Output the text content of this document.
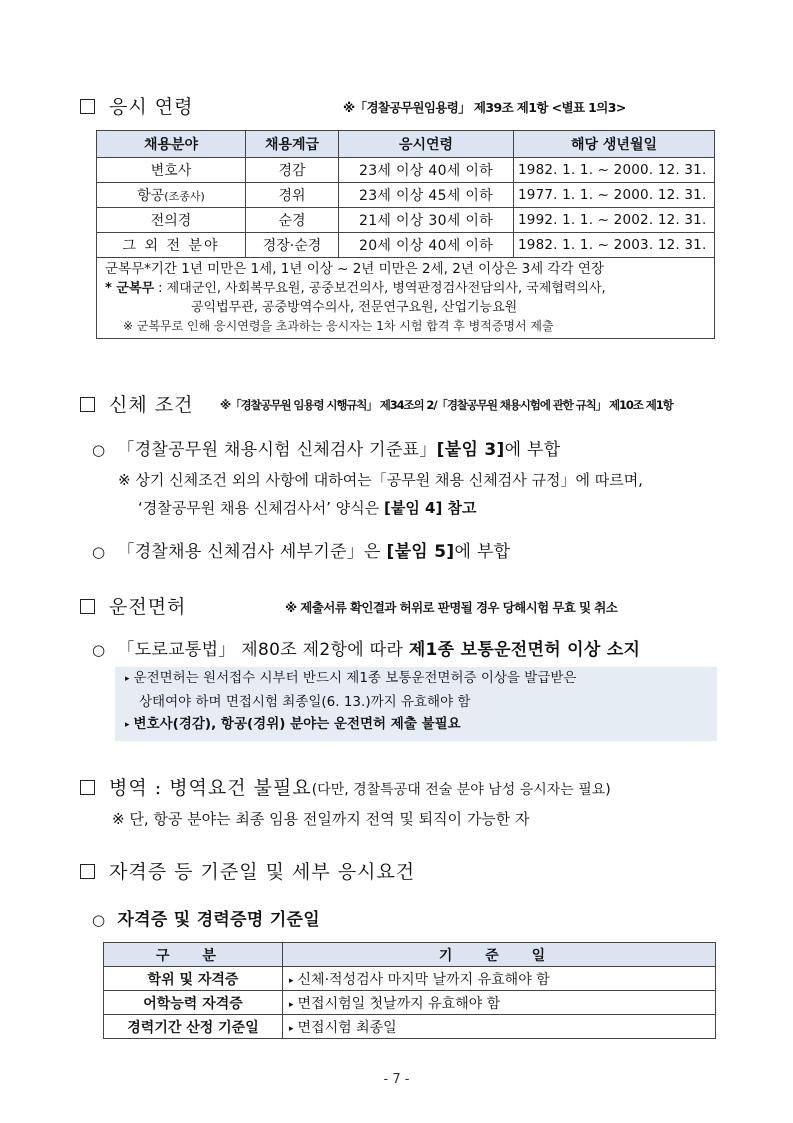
응시 연령	※「경찰공무원임용령」 제39조 제1항 <별표 1의3>
채용분야	채용계급	응시연령	해당 생년월일
변호사	경감	23세 이상 40세 이하	1982. 1. 1. ~ 2000. 12. 31.
항공(조종사)	경위	23세 이상 45세 이하	1977. 1. 1. ~ 2000. 12. 31.
전의경	순경	21세 이상 30세 이하	1992. 1. 1. ~ 2002. 12. 31.
그 외 전 분야	경장·순경	20세 이상 40세 이하	1982. 1. 1. ~ 2003. 12. 31.

군복무*기간 1년 미만은 1세, 1년 이상 ~ 2년 미만은 2세, 2년 이상은 3세 각각 연장
* 군복무 : 제대군인, 사회복무요원, 공중보건의사, 병역판정검사전담의사, 국제협력의사,
공익법무관, 공중방역수의사, 전문연구요원, 산업기능요원
※ 군복무로 인해 응시연령을 초과하는 응시자는 1차 시험 합격 후 병적증명서 제출			
신체 조건 ※「경찰공무원 임용령 시행규칙」 제34조의 2/「경찰공무원 채용시험에 관한 규칙」 제10조 제1항
○ 「경찰공무원 채용시험 신체검사 기준표」[붙임 3]에 부합
※ 상기 신체조건 외의 사항에 대하여는「공무원 채용 신체검사 규정」에 따르며,
‘경찰공무원 채용 신체검사서’ 양식은 [붙임 4] 참고
○ 「경찰채용 신체검사 세부기준」은 [붙임 5]에 부합
운전면허	※ 제출서류 확인결과 허위로 판명될 경우 당해시험 무효 및 취소
○ 「도로교통법」 제80조 제2항에 따라 제1종 보통운전면허 이상 소지
▸ 운전면허는 원서접수 시부터 반드시 제1종 보통운전면허증 이상을 발급받은
상태여야 하며 면접시험 최종일(6. 13.)까지 유효해야 함
▸ 변호사(경감), 항공(경위) 분야는 운전면허 제출 불필요
병역 : 병역요건 불필요(다만, 경찰특공대 전술 분야 남성 응시자는 필요)
※ 단, 항공 분야는 최종 임용 전일까지 전역 및 퇴직이 가능한 자
자격증 등 기준일 및 세부 응시요건
○ 자격증 및 경력증명 기준일
구 분	기 준 일
학위 및 자격증	▸ 신체·적성검사 마지막 날까지 유효해야 함
어학능력 자격증	▸ 면접시험일 첫날까지 유효해야 함
경력기간 산정 기준일	▸ 면접시험 최종일
- 7 -
